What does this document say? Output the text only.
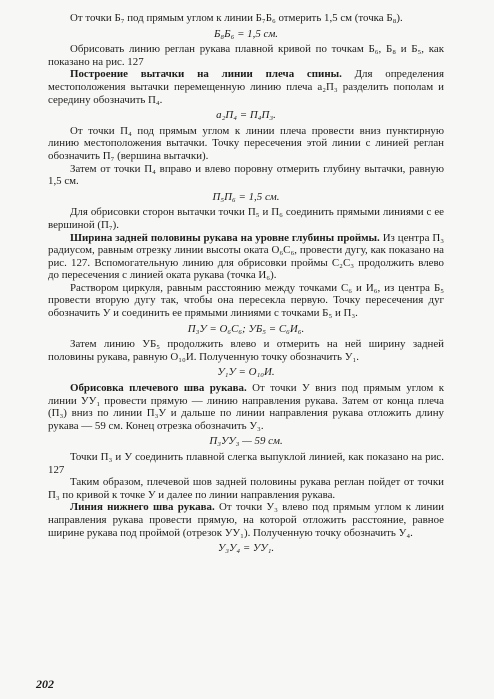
От точки Б₇ под прямым углом к линии Б₇Б₆ отмерить 1,5 см (точка Б₈).

Б₈Б₆ = 1,5 см.

Обрисовать линию реглан рукава плавной кривой по точкам Б₆, Б₈ и Б₅, как показано на рис. 127

Построение вытачки на линии плеча спины. Для определения местоположения вытачки перемещенную линию плеча а₂П₃ разделить пополам и середину обозначить П₄.

а₂П₄ = П₄П₃.

От точки П₄ под прямым углом к линии плеча провести вниз пунктирную линию местоположения вытачки. Точку пересечения этой линии с линией реглан обозначить П₇ (вершина вытачки).

Затем от точки П₄ вправо и влево поровну отмерить глубину вытачки, равную 1,5 см.

П₅П₆ = 1,5 см.

Для обрисовки сторон вытачки точки П₅ и П₆ соединить прямыми линиями с ее вершиной (П₇).

Ширина задней половины рукава на уровне глубины проймы. Из центра П₃ радиусом, равным отрезку линии высоты оката О₆С₆, провести дугу, как показано на рис. 127. Вспомогательную линию для обрисовки проймы С₂С₃ продолжить влево до пересечения с линией оката рукава (точка И₆).

Раствором циркуля, равным расстоянию между точками С₆ и И₆, из центра Б₅ провести вторую дугу так, чтобы она пересекла первую. Точку пересечения дуг обозначить У и соединить ее прямыми линиями с точками Б₅ и П₃.

П₃У = О₆С₆; УБ₅ = С₆И₆.

Затем линию УБ₅ продолжить влево и отмерить на ней ширину задней половины рукава, равную О₁₀И. Полученную точку обозначить У₁.

У₁У = О₁₀И.

Обрисовка плечевого шва рукава. От точки У вниз под прямым углом к линии УУ₁ провести прямую — линию направления рукава. Затем от конца плеча (П₃) вниз по линии П₃У и дальше по линии направления рукава отложить длину рукава — 59 см. Конец отрезка обозначить У₃.

П₃УУ₃ — 59 см.

Точки П₃ и У соединить плавной слегка выпуклой линией, как показано на рис. 127

Таким образом, плечевой шов задней половины рукава реглан пойдет от точки П₃ по кривой к точке У и далее по линии направления рукава.

Линия нижнего шва рукава. От точки У₃ влево под прямым углом к линии направления рукава провести прямую, на которой отложить расстояние, равное ширине рукава под проймой (отрезок УУ₁). Полученную точку обозначить У₄.

У₃У₄ = УУ₁.

202
